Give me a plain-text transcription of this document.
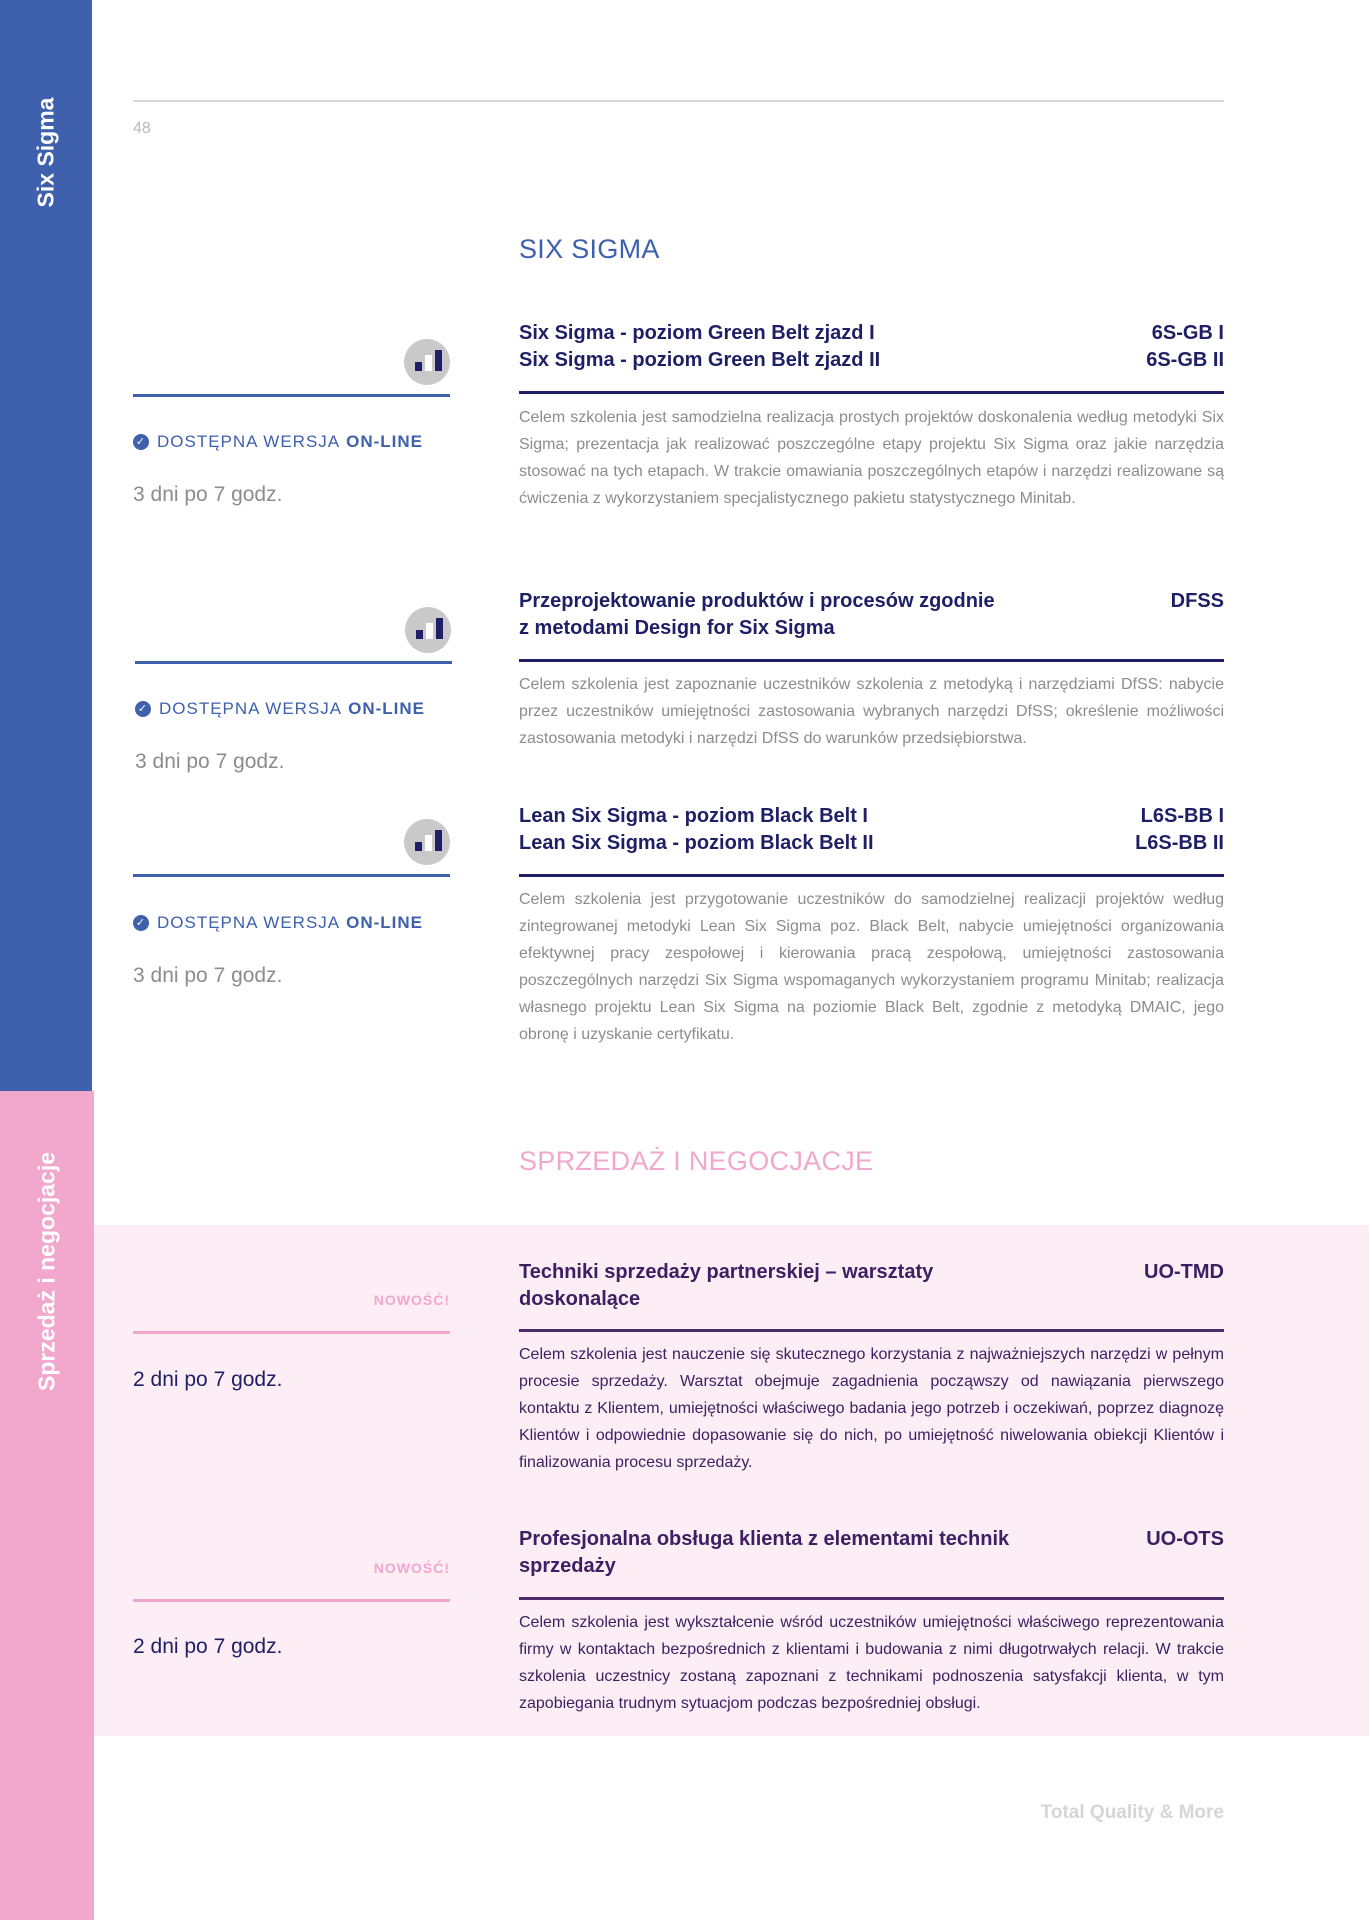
Six Sigma
Sprzedaż i negocjacje
48
SIX SIGMA
Six Sigma - poziom Green Belt zjazd I
Six Sigma - poziom Green Belt zjazd II
6S-GB I
6S-GB II
Celem szkolenia jest samodzielna realizacja prostych projektów doskonalenia według metodyki Six Sigma; prezentacja jak realizować poszczególne etapy projektu Six Sigma oraz jakie narzędzia stosować na tych etapach. W trakcie omawiania poszczególnych etapów i narzędzi realizowane są ćwiczenia z wykorzystaniem specjalistycznego pakietu statystycznego Minitab.
✓ DOSTĘPNA WERSJA ON-LINE
3 dni po 7 godz.
Przeprojektowanie produktów i procesów zgodnie
z metodami Design for Six Sigma
DFSS
Celem szkolenia jest zapoznanie uczestników szkolenia z metodyką i narzędziami DfSS: nabycie przez uczestników umiejętności zastosowania wybranych narzędzi DfSS; określenie możliwości zastosowania metodyki i narzędzi DfSS do warunków przedsiębiorstwa.
✓ DOSTĘPNA WERSJA ON-LINE
3 dni po 7 godz.
Lean Six Sigma - poziom Black Belt I
Lean Six Sigma - poziom Black Belt II
L6S-BB I
L6S-BB II
Celem szkolenia jest przygotowanie uczestników do samodzielnej realizacji projektów według zintegrowanej metodyki Lean Six Sigma poz. Black Belt, nabycie umiejętności organizowania efektywnej pracy zespołowej i kierowania pracą zespołową, umiejętności zastosowania poszczególnych narzędzi Six Sigma wspomaganych wykorzystaniem programu Minitab; realizacja własnego projektu Lean Six Sigma na poziomie Black Belt, zgodnie z metodyką DMAIC, jego obronę i uzyskanie certyfikatu.
✓ DOSTĘPNA WERSJA ON-LINE
3 dni po 7 godz.
SPRZEDAŻ I NEGOCJACJE
Techniki sprzedaży partnerskiej – warsztaty
doskonalące
UO-TMD
Celem szkolenia jest nauczenie się skutecznego korzystania z najważniejszych narzędzi w pełnym procesie sprzedaży. Warsztat obejmuje zagadnienia począwszy od nawiązania pierwszego kontaktu z Klientem, umiejętności właściwego badania jego potrzeb i oczekiwań, poprzez diagnozę Klientów i odpowiednie dopasowanie się do nich, po umiejętność niwelowania obiekcji Klientów i finalizowania procesu sprzedaży.
NOWOŚĆ!
2 dni po 7 godz.
Profesjonalna obsługa klienta z elementami technik
sprzedaży
UO-OTS
Celem szkolenia jest wykształcenie wśród uczestników umiejętności właściwego reprezentowania firmy w kontaktach bezpośrednich z klientami i budowania z nimi długotrwałych relacji. W trakcie szkolenia uczestnicy zostaną zapoznani z technikami podnoszenia satysfakcji klienta, w tym zapobiegania trudnym sytuacjom podczas bezpośredniej obsługi.
NOWOŚĆ!
2 dni po 7 godz.
Total Quality & More
